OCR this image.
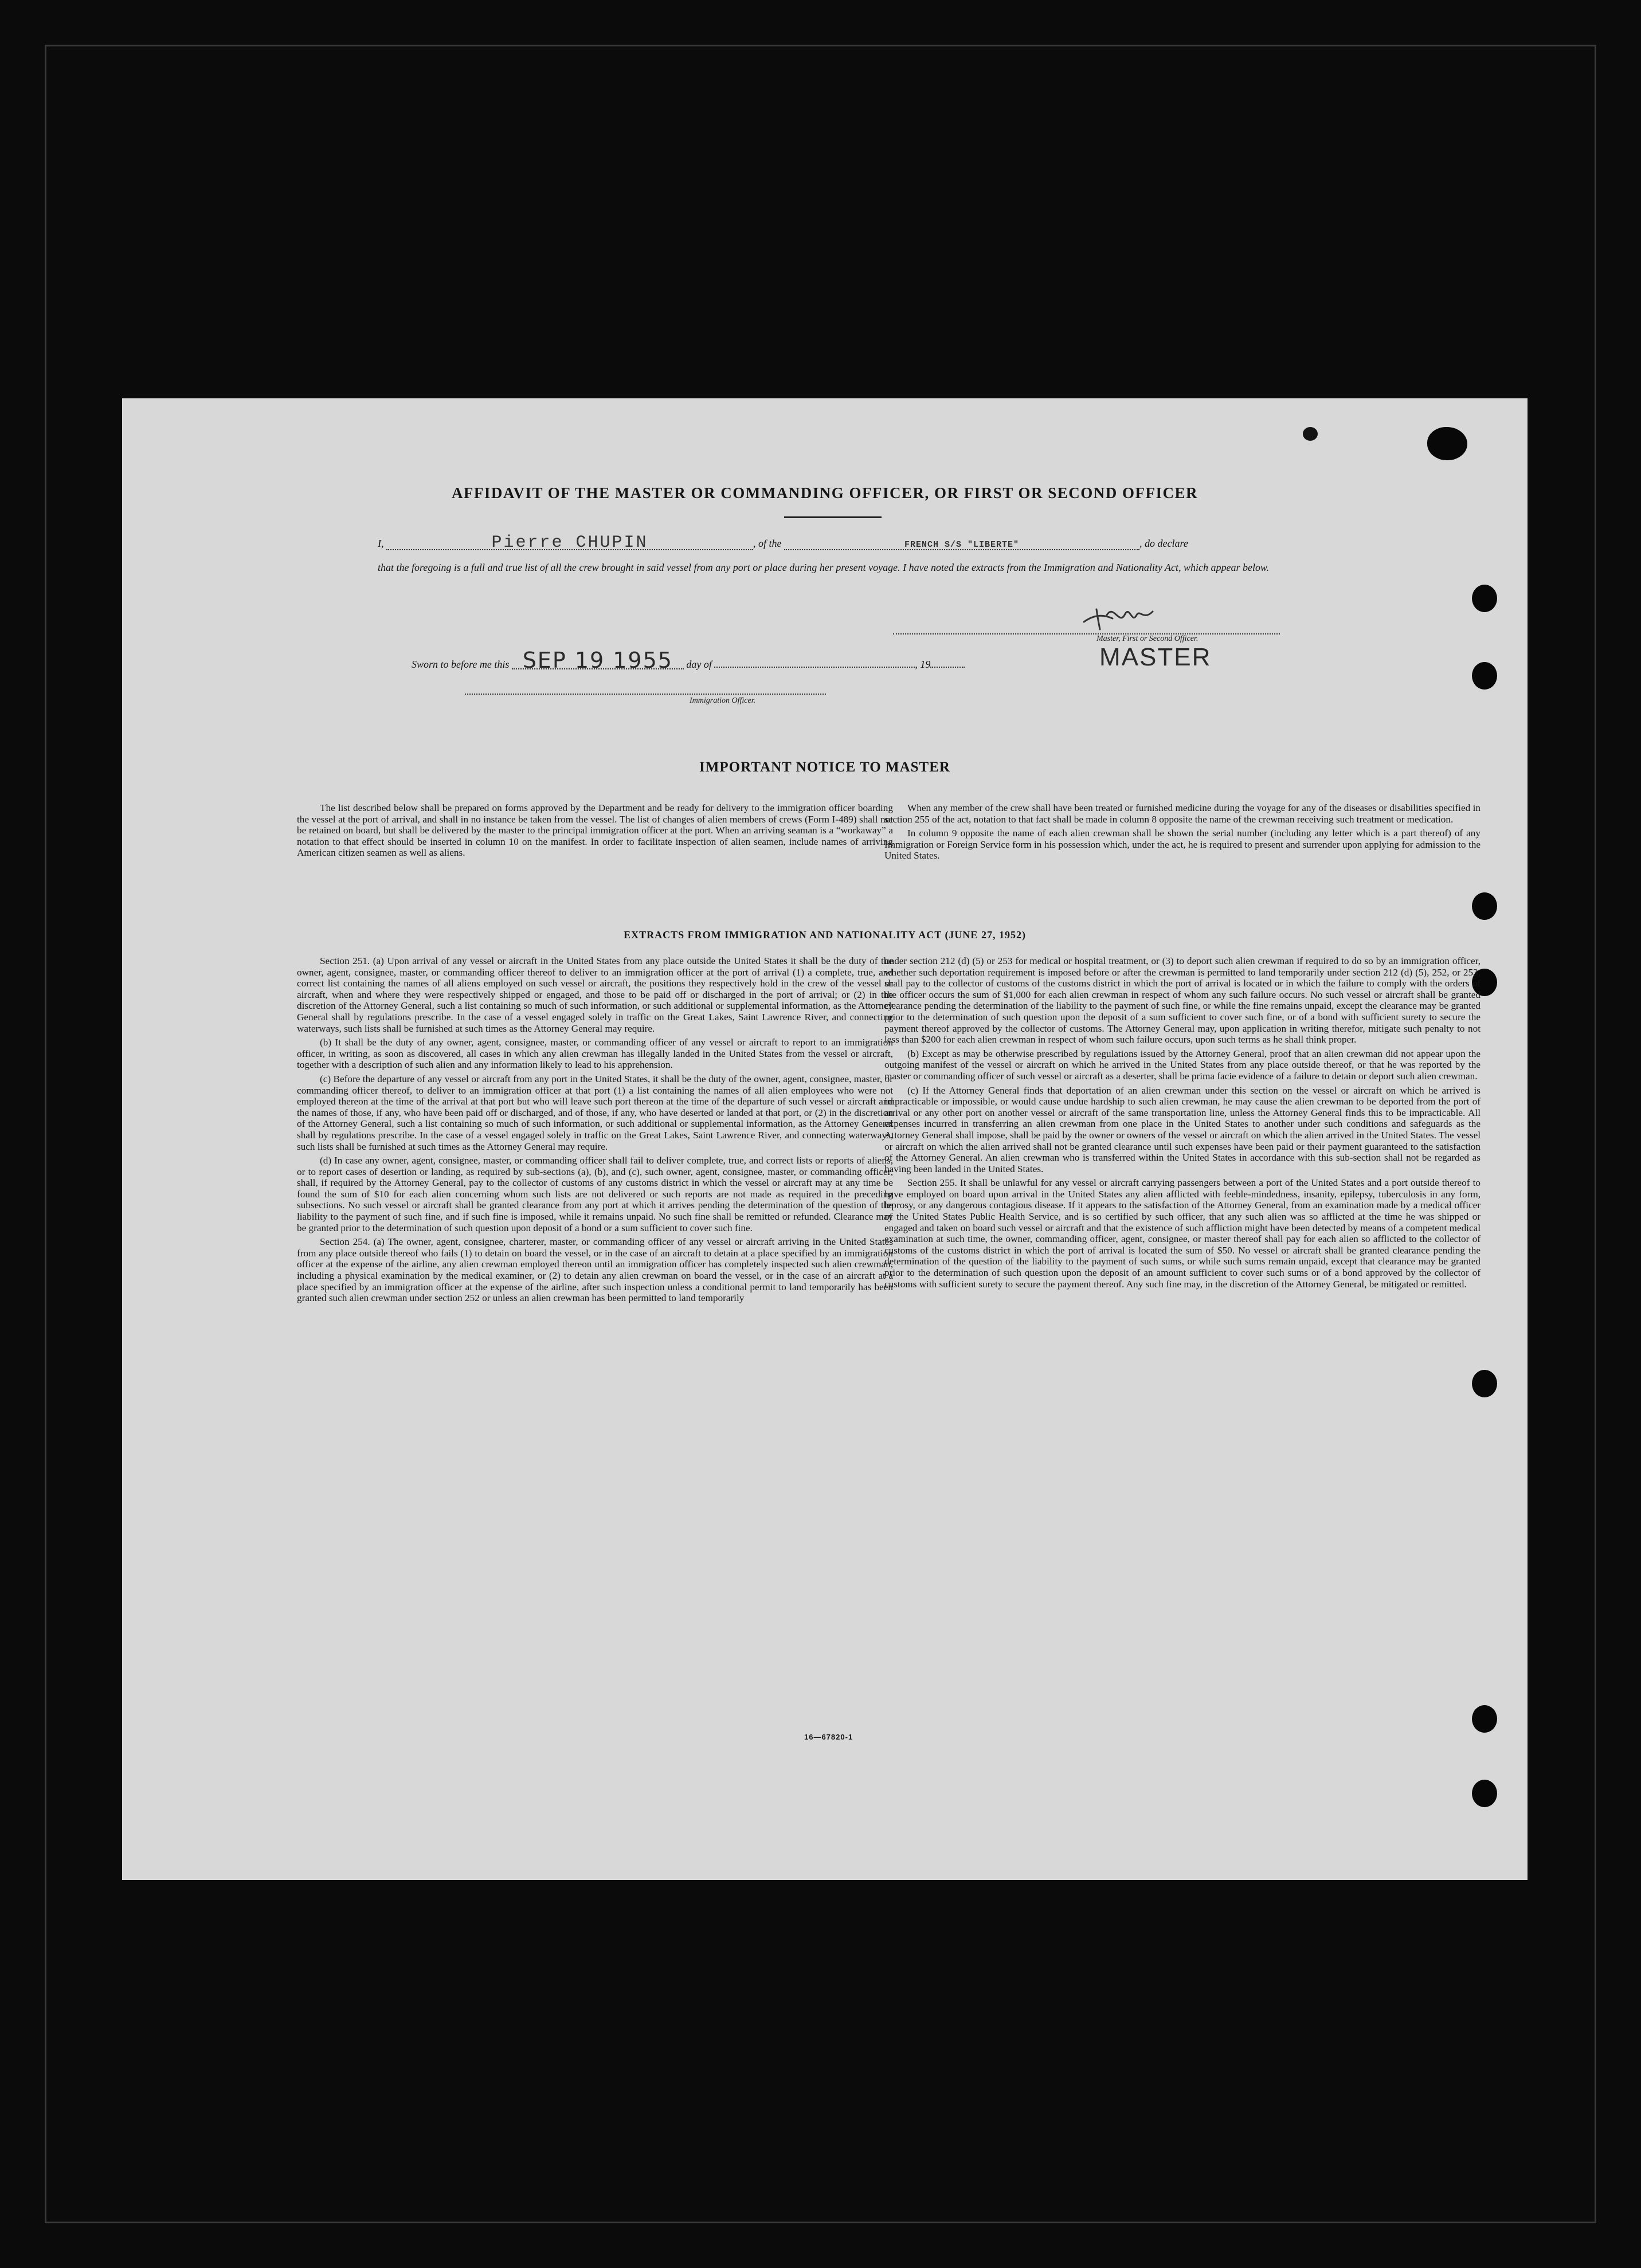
AFFIDAVIT OF THE MASTER OR COMMANDING OFFICER, OR FIRST OR SECOND OFFICER
I,	Pierre CHUPIN	, of the	FRENCH S/S "LIBERTE"	, do declare
that the foregoing is a full and true list of all the crew brought in said vessel from any port or place during her present voyage. I have noted the extracts from the Immigration and Nationality Act, which appear below.
Master, First or Second Officer.
MASTER
Sworn to before me this SEP 19 1955 day of	, 19
Immigration Officer.
IMPORTANT NOTICE TO MASTER

The list described below shall be prepared on forms approved by the Department and be ready for delivery to the immigration officer boarding the vessel at the port of arrival, and shall in no instance be taken from the vessel. The list of changes of alien members of crews (Form I-489) shall not be retained on board, but shall be delivered by the master to the principal immigration officer at the port. When an arriving seaman is a “workaway” a notation to that effect should be inserted in column 10 on the manifest. In order to facilitate inspection of alien seamen, include names of arriving American citizen seamen as well as aliens.

When any member of the crew shall have been treated or furnished medicine during the voyage for any of the diseases or disabilities specified in section 255 of the act, notation to that fact shall be made in column 8 opposite the name of the crewman receiving such treatment or medication.

In column 9 opposite the name of each alien crewman shall be shown the serial number (including any letter which is a part thereof) of any Immigration or Foreign Service form in his possession which, under the act, he is required to present and surrender upon applying for admission to the United States.

EXTRACTS FROM IMMIGRATION AND NATIONALITY ACT (JUNE 27, 1952)

Section 251. (a) Upon arrival of any vessel or aircraft in the United States from any place outside the United States it shall be the duty of the owner, agent, consignee, master, or commanding officer thereof to deliver to an immigration officer at the port of arrival (1) a complete, true, and correct list containing the names of all aliens employed on such vessel or aircraft, the positions they respectively hold in the crew of the vessel or aircraft, when and where they were respectively shipped or engaged, and those to be paid off or discharged in the port of arrival; or (2) in the discretion of the Attorney General, such a list containing so much of such information, or such additional or supplemental information, as the Attorney General shall by regulations prescribe. In the case of a vessel engaged solely in traffic on the Great Lakes, Saint Lawrence River, and connecting waterways, such lists shall be furnished at such times as the Attorney General may require.

(b) It shall be the duty of any owner, agent, consignee, master, or commanding officer of any vessel or aircraft to report to an immigration officer, in writing, as soon as discovered, all cases in which any alien crewman has illegally landed in the United States from the vessel or aircraft, together with a description of such alien and any information likely to lead to his apprehension.

(c) Before the departure of any vessel or aircraft from any port in the United States, it shall be the duty of the owner, agent, consignee, master, or commanding officer thereof, to deliver to an immigration officer at that port (1) a list containing the names of all alien employees who were not employed thereon at the time of the arrival at that port but who will leave such port thereon at the time of the departure of such vessel or aircraft and the names of those, if any, who have been paid off or discharged, and of those, if any, who have deserted or landed at that port, or (2) in the discretion of the Attorney General, such a list containing so much of such information, or such additional or supplemental information, as the Attorney General shall by regulations prescribe. In the case of a vessel engaged solely in traffic on the Great Lakes, Saint Lawrence River, and connecting waterways, such lists shall be furnished at such times as the Attorney General may require.

(d) In case any owner, agent, consignee, master, or commanding officer shall fail to deliver complete, true, and correct lists or reports of aliens, or to report cases of desertion or landing, as required by sub-sections (a), (b), and (c), such owner, agent, consignee, master, or commanding officer, shall, if required by the Attorney General, pay to the collector of customs of any customs district in which the vessel or aircraft may at any time be found the sum of $10 for each alien concerning whom such lists are not delivered or such reports are not made as required in the preceding subsections. No such vessel or aircraft shall be granted clearance from any port at which it arrives pending the determination of the question of the liability to the payment of such fine, and if such fine is imposed, while it remains unpaid. No such fine shall be remitted or refunded. Clearance may be granted prior to the determination of such question upon deposit of a bond or a sum sufficient to cover such fine.

Section 254. (a) The owner, agent, consignee, charterer, master, or commanding officer of any vessel or aircraft arriving in the United States from any place outside thereof who fails (1) to detain on board the vessel, or in the case of an aircraft to detain at a place specified by an immigration officer at the expense of the airline, any alien crewman employed thereon until an immigration officer has completely inspected such alien crewman, including a physical examination by the medical examiner, or (2) to detain any alien crewman on board the vessel, or in the case of an aircraft at a place specified by an immigration officer at the expense of the airline, after such inspection unless a conditional permit to land temporarily has been granted such alien crewman under section 252 or unless an alien crewman has been permitted to land temporarily

under section 212 (d) (5) or 253 for medical or hospital treatment, or (3) to deport such alien crewman if required to do so by an immigration officer, whether such deportation requirement is imposed before or after the crewman is permitted to land temporarily under section 212 (d) (5), 252, or 253, shall pay to the collector of customs of the customs district in which the port of arrival is located or in which the failure to comply with the orders of the officer occurs the sum of $1,000 for each alien crewman in respect of whom any such failure occurs. No such vessel or aircraft shall be granted clearance pending the determination of the liability to the payment of such fine, or while the fine remains unpaid, except the clearance may be granted prior to the determination of such question upon the deposit of a sum sufficient to cover such fine, or of a bond with sufficient surety to secure the payment thereof approved by the collector of customs. The Attorney General may, upon application in writing therefor, mitigate such penalty to not less than $200 for each alien crewman in respect of whom such failure occurs, upon such terms as he shall think proper.

(b) Except as may be otherwise prescribed by regulations issued by the Attorney General, proof that an alien crewman did not appear upon the outgoing manifest of the vessel or aircraft on which he arrived in the United States from any place outside thereof, or that he was reported by the master or commanding officer of such vessel or aircraft as a deserter, shall be prima facie evidence of a failure to detain or deport such alien crewman.

(c) If the Attorney General finds that deportation of an alien crewman under this section on the vessel or aircraft on which he arrived is impracticable or impossible, or would cause undue hardship to such alien crewman, he may cause the alien crewman to be deported from the port of arrival or any other port on another vessel or aircraft of the same transportation line, unless the Attorney General finds this to be impracticable. All expenses incurred in transferring an alien crewman from one place in the United States to another under such conditions and safeguards as the Attorney General shall impose, shall be paid by the owner or owners of the vessel or aircraft on which the alien arrived in the United States. The vessel or aircraft on which the alien arrived shall not be granted clearance until such expenses have been paid or their payment guaranteed to the satisfaction of the Attorney General. An alien crewman who is transferred within the United States in accordance with this sub-section shall not be regarded as having been landed in the United States.

Section 255. It shall be unlawful for any vessel or aircraft carrying passengers between a port of the United States and a port outside thereof to have employed on board upon arrival in the United States any alien afflicted with feeble-mindedness, insanity, epilepsy, tuberculosis in any form, leprosy, or any dangerous contagious disease. If it appears to the satisfaction of the Attorney General, from an examination made by a medical officer of the United States Public Health Service, and is so certified by such officer, that any such alien was so afflicted at the time he was shipped or engaged and taken on board such vessel or aircraft and that the existence of such affliction might have been detected by means of a competent medical examination at such time, the owner, commanding officer, agent, consignee, or master thereof shall pay for each alien so afflicted to the collector of customs of the customs district in which the port of arrival is located the sum of $50. No vessel or aircraft shall be granted clearance pending the determination of the question of the liability to the payment of such sums, or while such sums remain unpaid, except that clearance may be granted prior to the determination of such question upon the deposit of an amount sufficient to cover such sums or of a bond approved by the collector of customs with sufficient surety to secure the payment thereof. Any such fine may, in the discretion of the Attorney General, be mitigated or remitted.

16—67820-1
